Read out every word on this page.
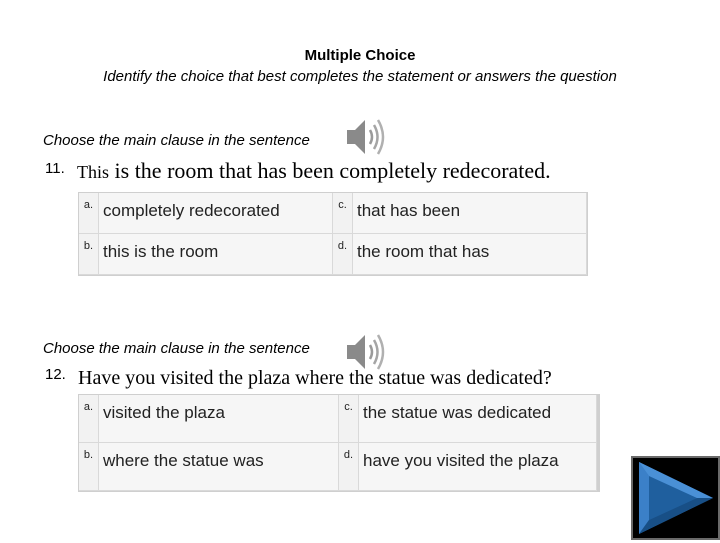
Multiple Choice
Identify the choice that best completes the statement or answers the question
Choose the main clause in the sentence
11. This is the room that has been completely redecorated.
a. completely redecorated	c. that has been
b. this is the room	d. the room that has
Choose the main clause in the sentence
12. Have you visited the plaza where the statue was dedicated?
a. visited the plaza	c. the statue was dedicated
b. where the statue was	d. have you visited the plaza
